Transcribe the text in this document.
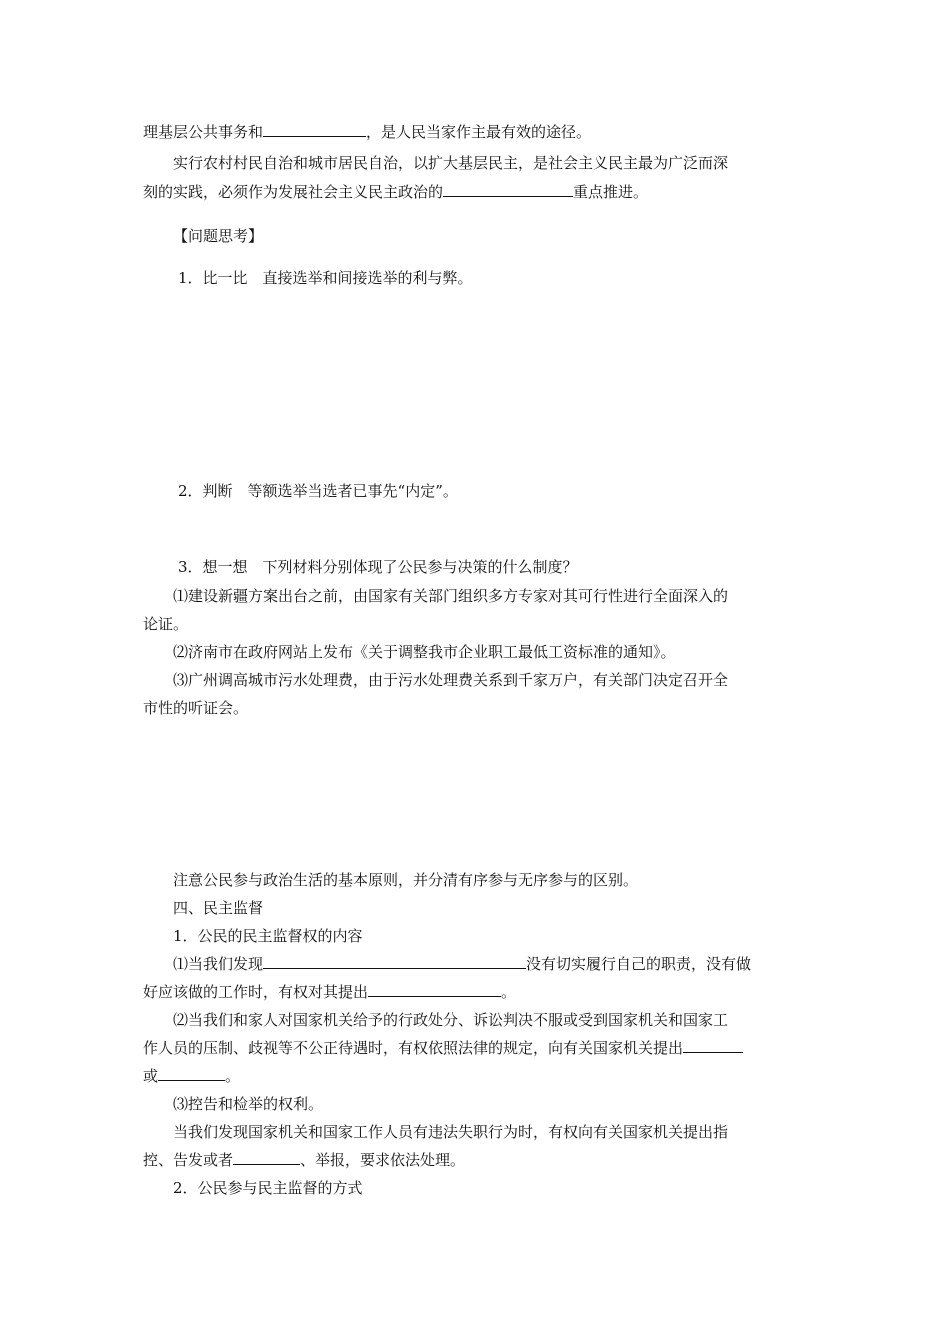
理基层公共事务和	，是人民当家作主最有效的途径。
实行农村村民自治和城市居民自治，以扩大基层民主，是社会主义民主最为广泛而深
刻的实践，必须作为发展社会主义民主政治的	重点推进。
【问题思考】
1．比一比　直接选举和间接选举的利与弊。
2．判断　等额选举当选者已事先“内定”。
3．想一想　下列材料分别体现了公民参与决策的什么制度？
⑴建设新疆方案出台之前，由国家有关部门组织多方专家对其可行性进行全面深入的
论证。
⑵济南市在政府网站上发布《关于调整我市企业职工最低工资标准的通知》。
⑶广州调高城市污水处理费，由于污水处理费关系到千家万户，有关部门决定召开全
市性的听证会。
注意公民参与政治生活的基本原则，并分清有序参与无序参与的区别。
四、民主监督
1．公民的民主监督权的内容
⑴当我们发现	没有切实履行自己的职责，没有做
好应该做的工作时，有权对其提出	。
⑵当我们和家人对国家机关给予的行政处分、诉讼判决不服或受到国家机关和国家工
作人员的压制、歧视等不公正待遇时，有权依照法律的规定，向有关国家机关提出
或	。
⑶控告和检举的权利。
当我们发现国家机关和国家工作人员有违法失职行为时，有权向有关国家机关提出指
控、告发或者	、举报，要求依法处理。
2．公民参与民主监督的方式
